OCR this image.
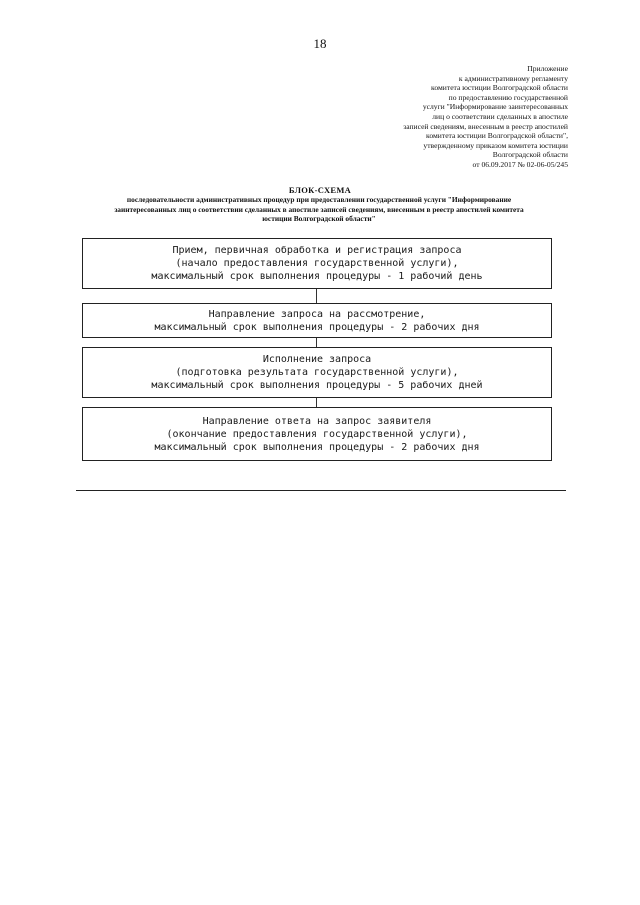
18
Приложение
к административному регламенту
комитета юстиции Волгоградской области
по предоставлению государственной
услуги "Информирование заинтересованных
лиц о соответствии сделанных в апостиле
записей сведениям, внесенным в реестр апостилей
комитета юстиции Волгоградской области",
утвержденному приказом комитета юстиции
Волгоградской области
от 06.09.2017 № 02-06-05/245
БЛОК-СХЕМА
последовательности административных процедур при предоставлении государственной услуги "Информирование
заинтересованных лиц о соответствии сделанных в апостиле записей сведениям, внесенным в реестр апостилей комитета
юстиции Волгоградской области"
Прием, первичная обработка и регистрация запроса
(начало предоставления государственной услуги),
максимальный срок выполнения процедуры - 1 рабочий день
Направление запроса на рассмотрение,
максимальный срок выполнения процедуры - 2 рабочих дня
Исполнение запроса
(подготовка результата государственной услуги),
максимальный срок выполнения процедуры - 5 рабочих дней
Направление ответа на запрос заявителя
(окончание предоставления государственной услуги),
максимальный срок выполнения процедуры - 2 рабочих дня
